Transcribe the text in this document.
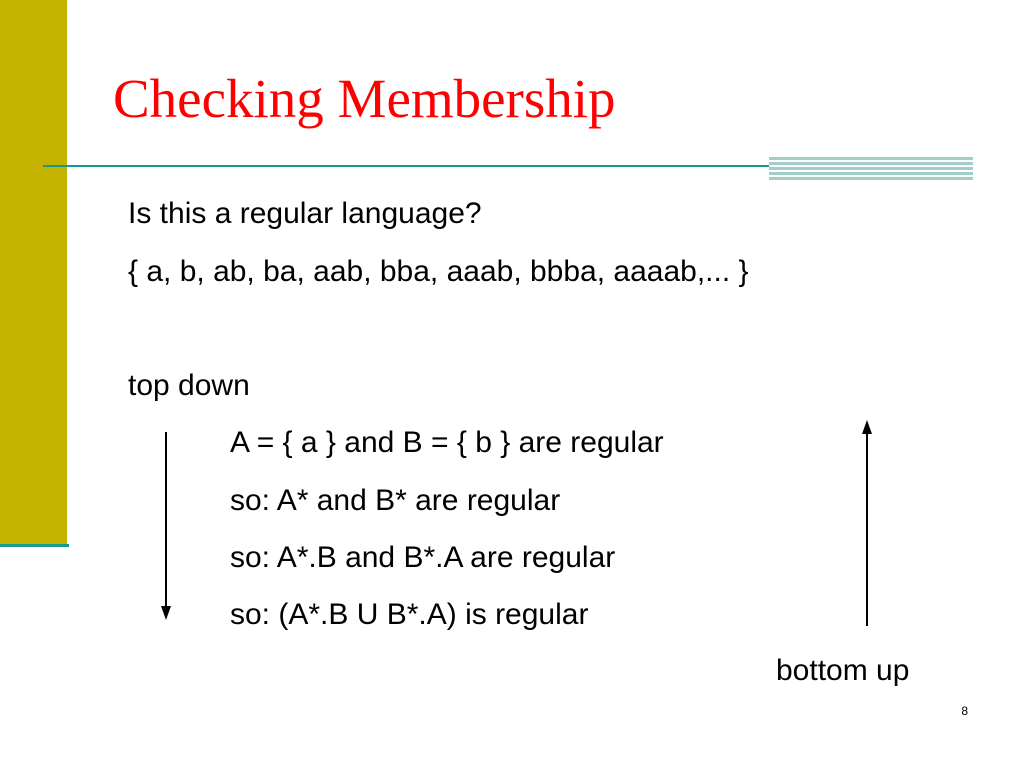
Checking Membership

Is this a regular language?

{ a, b, ab, ba, aab, bba, aaab, bbba, aaaab,... }

top down

A = { a } and B = { b } are regular

so: A* and B* are regular

so: A*.B and B*.A are regular

so: (A*.B U B*.A) is regular

bottom up

8
